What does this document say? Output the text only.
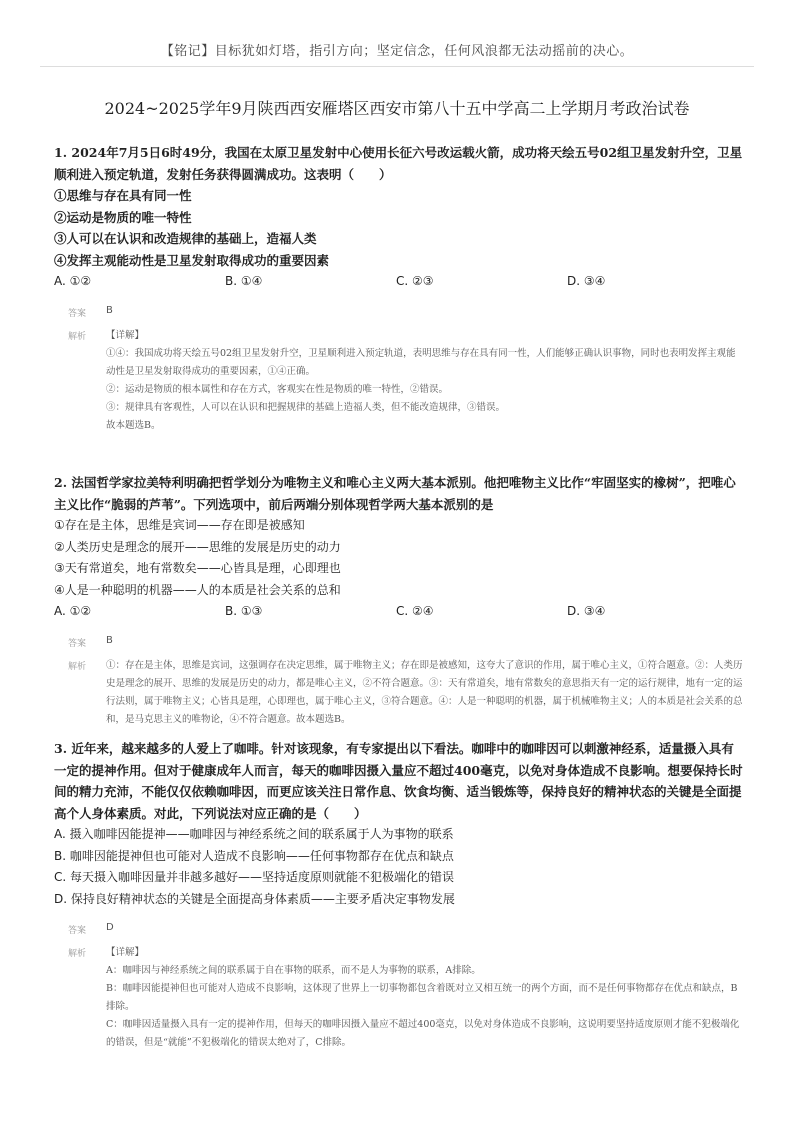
【铭记】目标犹如灯塔，指引方向；坚定信念，任何风浪都无法动摇前的决心。
2024~2025学年9月陕西西安雁塔区西安市第八十五中学高二上学期月考政治试卷

1. 2024年7月5日6时49分，我国在太原卫星发射中心使用长征六号改运载火箭，成功将天绘五号02组卫星发射升空，卫星顺利进入预定轨道，发射任务获得圆满成功。这表明（　　）

①思维与存在具有同一性

②运动是物质的唯一特性

③人可以在认识和改造规律的基础上，造福人类

④发挥主观能动性是卫星发射取得成功的重要因素

A. ①②	B. ①④	C. ②③	D. ③④
答案 B
解析 【详解】

①④：我国成功将天绘五号02组卫星发射升空，卫星顺利进入预定轨道，表明思维与存在具有同一性，人们能够正确认识事物，同时也表明发挥主观能动性是卫星发射取得成功的重要因素，①④正确。

②：运动是物质的根本属性和存在方式，客观实在性是物质的唯一特性，②错误。

③：规律具有客观性，人可以在认识和把握规律的基础上造福人类，但不能改造规律，③错误。

故本题选B。

2. 法国哲学家拉美特利明确把哲学划分为唯物主义和唯心主义两大基本派别。他把唯物主义比作“牢固坚实的橡树”，把唯心主义比作“脆弱的芦苇”。下列选项中，前后两端分别体现哲学两大基本派别的是

①存在是主体，思维是宾词——存在即是被感知

②人类历史是理念的展开——思维的发展是历史的动力

③天有常道矣，地有常数矣——心皆具是理，心即理也

④人是一种聪明的机器——人的本质是社会关系的总和

A. ①②	B. ①③	C. ②④	D. ③④
答案 B
解析 ①：存在是主体，思维是宾词，这强调存在决定思维，属于唯物主义；存在即是被感知，这夸大了意识的作用，属于唯心主义，①符合题意。②：人类历史是理念的展开、思维的发展是历史的动力，都是唯心主义，②不符合题意。③：天有常道矣，地有常数矣的意思指天有一定的运行规律，地有一定的运行法则，属于唯物主义；心皆具是理，心即理也，属于唯心主义，③符合题意。④：人是一种聪明的机器，属于机械唯物主义；人的本质是社会关系的总和，是马克思主义的唯物论，④不符合题意。故本题选B。

3. 近年来，越来越多的人爱上了咖啡。针对该现象，有专家提出以下看法。咖啡中的咖啡因可以刺激神经系，适量摄入具有一定的提神作用。但对于健康成年人而言，每天的咖啡因摄入量应不超过400毫克，以免对身体造成不良影响。想要保持长时间的精力充沛，不能仅仅依赖咖啡因，而更应该关注日常作息、饮食均衡、适当锻炼等，保持良好的精神状态的关键是全面提高个人身体素质。对此，下列说法对应正确的是（　　）

A. 摄入咖啡因能提神——咖啡因与神经系统之间的联系属于人为事物的联系

B. 咖啡因能提神但也可能对人造成不良影响——任何事物都存在优点和缺点

C. 每天摄入咖啡因量并非越多越好——坚持适度原则就能不犯极端化的错误

D. 保持良好精神状态的关键是全面提高身体素质——主要矛盾决定事物发展

答案 D
解析 【详解】

A：咖啡因与神经系统之间的联系属于自在事物的联系，而不是人为事物的联系，A排除。

B：咖啡因能提神但也可能对人造成不良影响，这体现了世界上一切事物都包含着既对立又相互统一的两个方面，而不是任何事物都存在优点和缺点，B排除。

C：咖啡因适量摄入具有一定的提神作用，但每天的咖啡因摄入量应不超过400毫克，以免对身体造成不良影响，这说明要坚持适度原则才能不犯极端化的错误，但是“就能”不犯极端化的错误太绝对了，C排除。
